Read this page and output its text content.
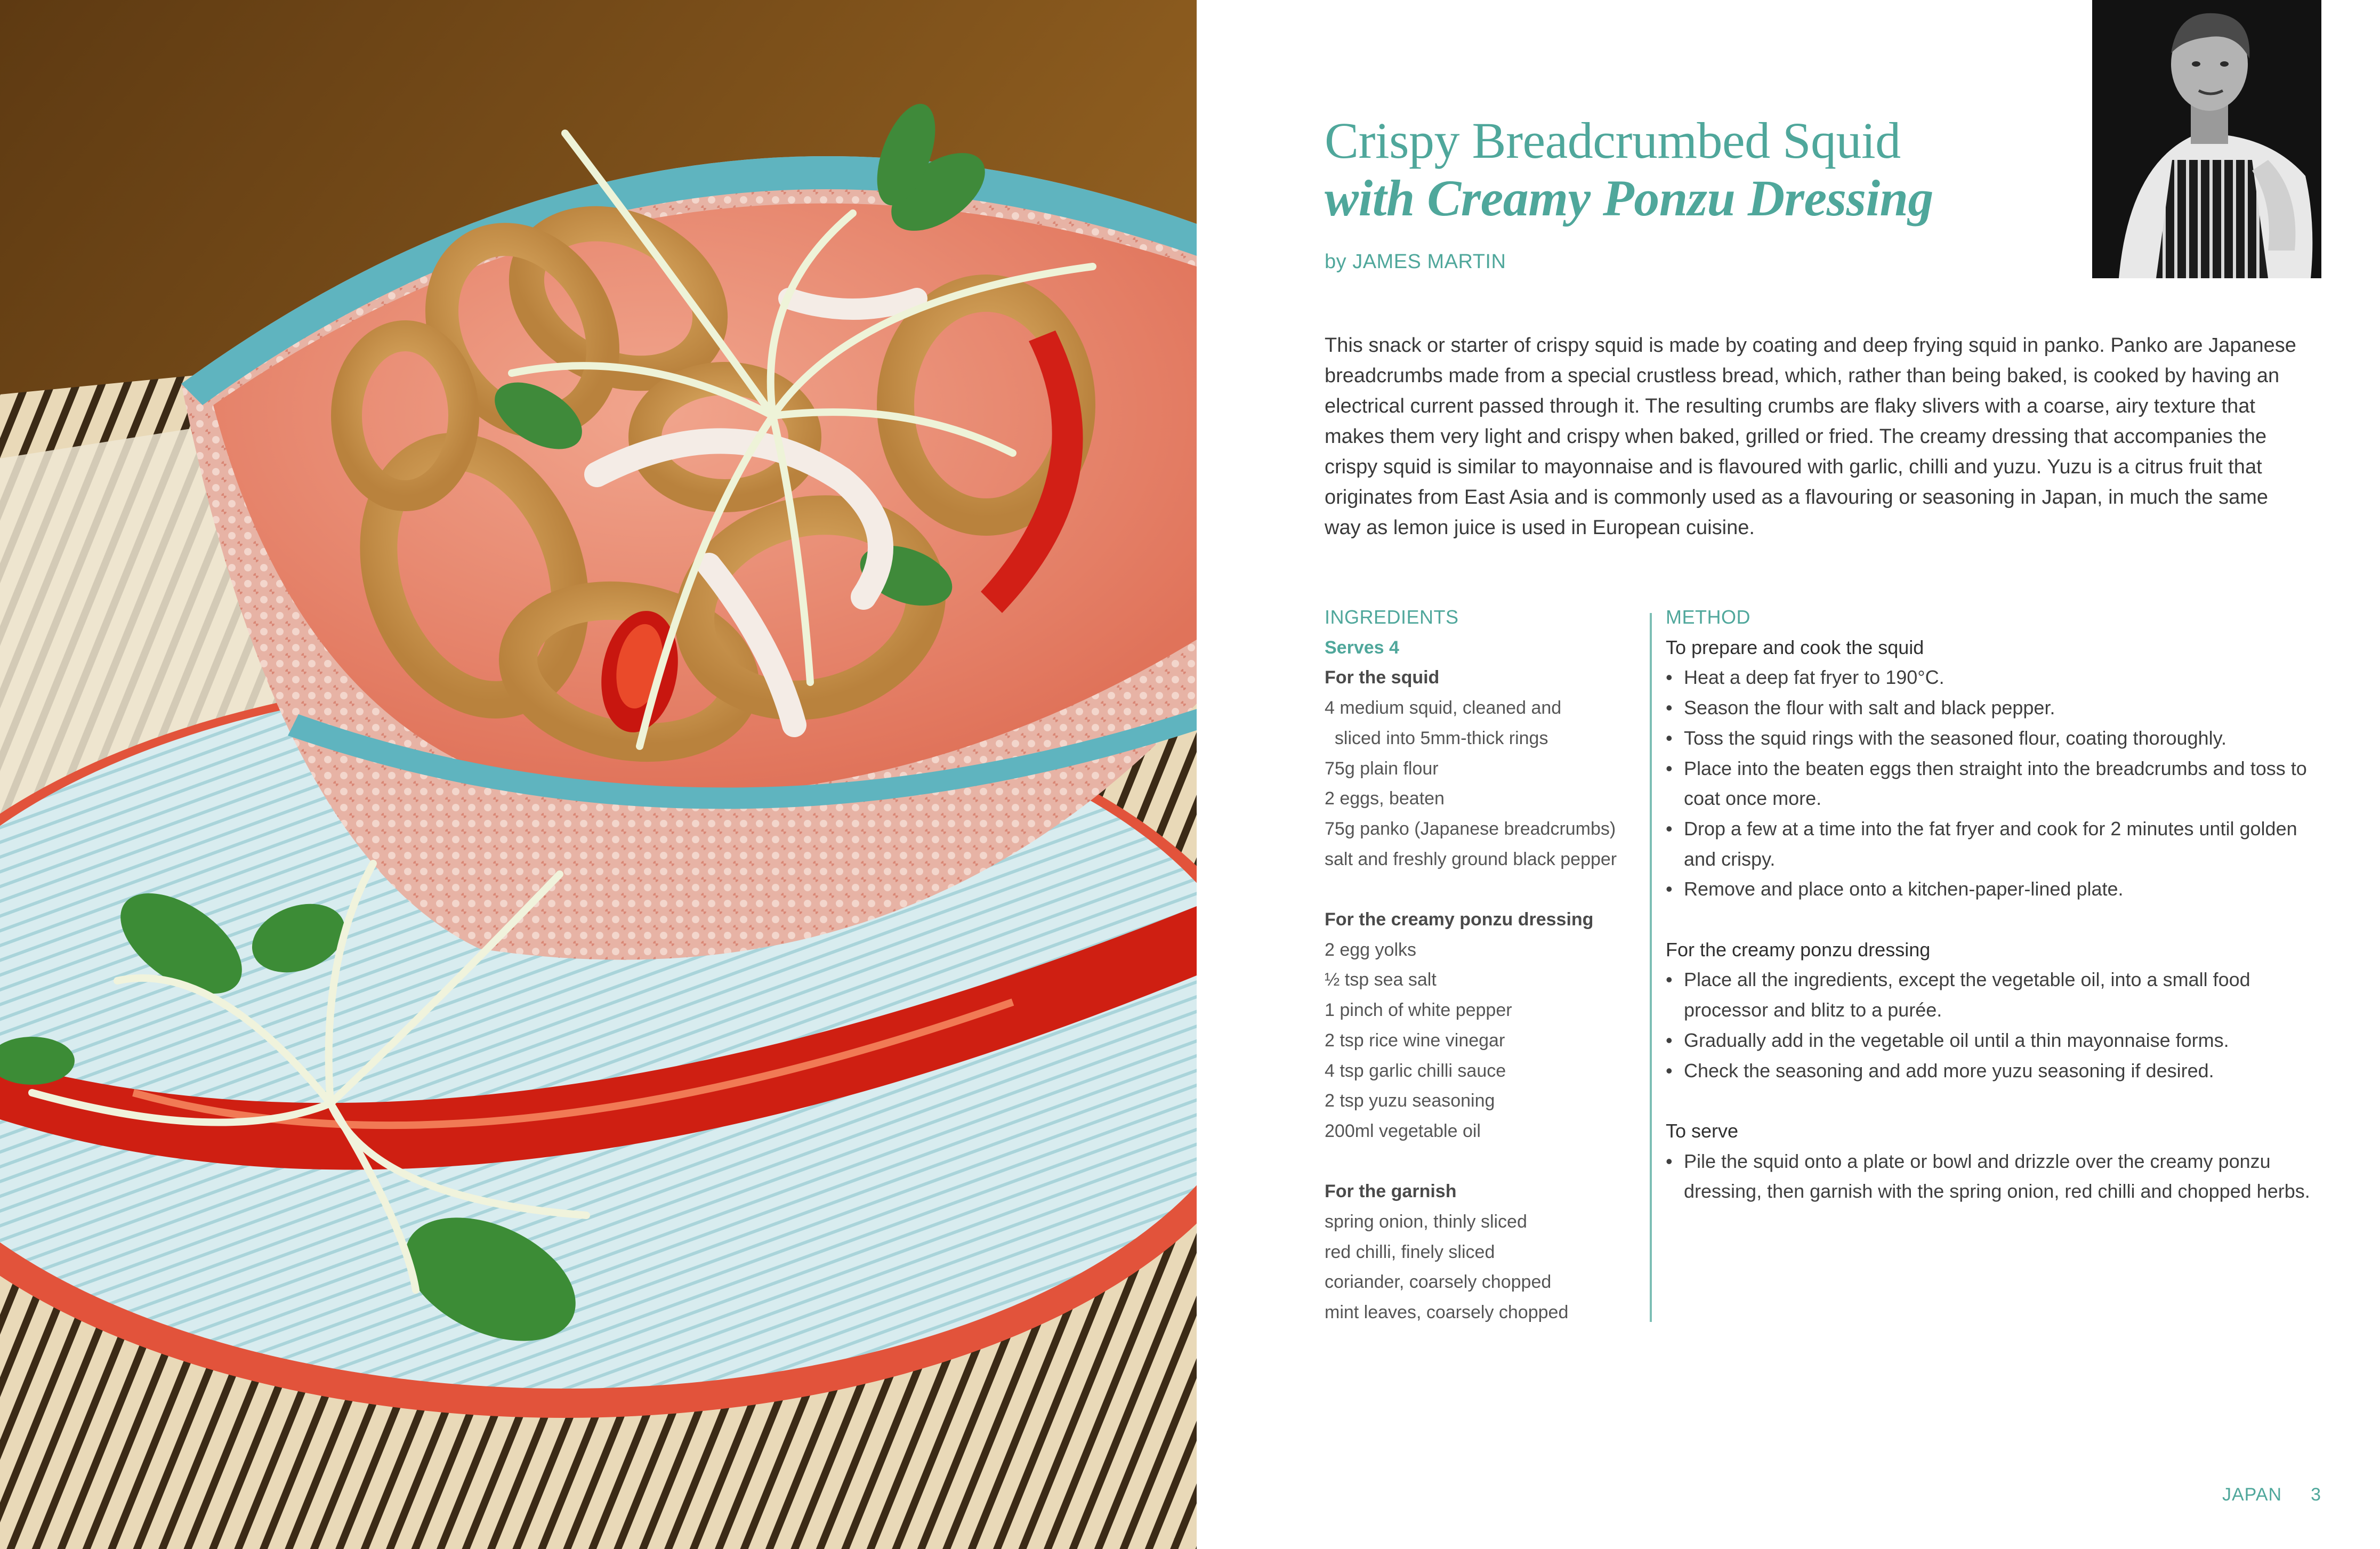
Crispy Breadcrumbed Squid
with Creamy Ponzu Dressing
by JAMES MARTIN

This snack or starter of crispy squid is made by coating and deep frying squid in panko. Panko are Japanese breadcrumbs made from a special crustless bread, which, rather than being baked, is cooked by having an electrical current passed through it. The resulting crumbs are flaky slivers with a coarse, airy texture that makes them very light and crispy when baked, grilled or fried. The creamy dressing that accompanies the crispy squid is similar to mayonnaise and is flavoured with garlic, chilli and yuzu. Yuzu is a citrus fruit that originates from East Asia and is commonly used as a flavouring or seasoning in Japan, in much the same way as lemon juice is used in European cuisine.

INGREDIENTS

Serves 4

For the squid

4 medium squid, cleaned and
sliced into 5mm-thick rings
75g plain flour
2 eggs, beaten
75g panko (Japanese breadcrumbs)
salt and freshly ground black pepper

For the creamy ponzu dressing

2 egg yolks
½ tsp sea salt
1 pinch of white pepper
2 tsp rice wine vinegar
4 tsp garlic chilli sauce
2 tsp yuzu seasoning
200ml vegetable oil

For the garnish

spring onion, thinly sliced
red chilli, finely sliced
coriander, coarsely chopped
mint leaves, coarsely chopped

METHOD

To prepare and cook the squid

• Heat a deep fat fryer to 190°C.
• Season the flour with salt and black pepper.
• Toss the squid rings with the seasoned flour, coating thoroughly.
• Place into the beaten eggs then straight into the breadcrumbs and toss to coat once more.
• Drop a few at a time into the fat fryer and cook for 2 minutes until golden and crispy.
• Remove and place onto a kitchen-paper-lined plate.

For the creamy ponzu dressing

• Place all the ingredients, except the vegetable oil, into a small food processor and blitz to a purée.
• Gradually add in the vegetable oil until a thin mayonnaise forms.
• Check the seasoning and add more yuzu seasoning if desired.

To serve

• Pile the squid onto a plate or bowl and drizzle over the creamy ponzu dressing, then garnish with the spring onion, red chilli and chopped herbs.
JAPAN 3
